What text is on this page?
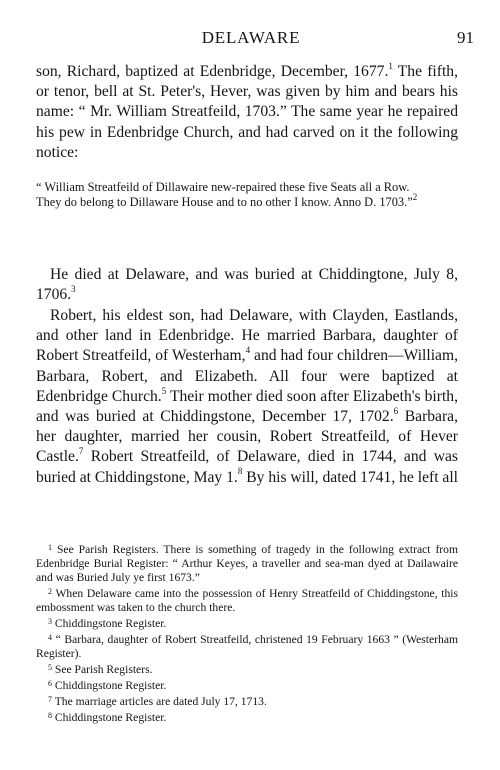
DELAWARE	91

son, Richard, baptized at Edenbridge, December, 1677.$^1$ The fifth, or tenor, bell at St. Peter's, Hever, was given by him and bears his name: “ Mr. William Streatfeild, 1703.” The same year he repaired his pew in Edenbridge Church, and had carved on it the following notice:

“ William Streatfeild of Dillawaire new-repaired these five Seats all a Row.

They do belong to Dillaware House and to no other I know. Anno D. 1703.”$^2$

He died at Delaware, and was buried at Chiddingtone, July 8, 1706.$^3$

Robert, his eldest son, had Delaware, with Clayden, Eastlands, and other land in Edenbridge. He married Barbara, daughter of Robert Streatfeild, of Westerham,$^4$ and had four children—William, Barbara, Robert, and Elizabeth. All four were baptized at Edenbridge Church.$^5$ Their mother died soon after Elizabeth's birth, and was buried at Chiddingstone, December 17, 1702.$^6$ Barbara, her daughter, married her cousin, Robert Streatfeild, of Hever Castle.$^7$ Robert Streatfeild, of Delaware, died in 1744, and was buried at Chiddingstone, May 1.$^8$ By his will, dated 1741, he left all

$^1$ See Parish Registers. There is something of tragedy in the following extract from Edenbridge Burial Register: “ Arthur Keyes, a traveller and sea-man dyed at Dailawaire and was Buried July ye first 1673.”

$^2$ When Delaware came into the possession of Henry Streatfeild of Chiddingstone, this embossment was taken to the church there.

$^3$ Chiddingstone Register.

$^4$ “ Barbara, daughter of Robert Streatfeild, christened 19 February 1663 ” (Westerham Register).

$^5$ See Parish Registers.

$^6$ Chiddingstone Register.

$^7$ The marriage articles are dated July 17, 1713.

$^8$ Chiddingstone Register.
